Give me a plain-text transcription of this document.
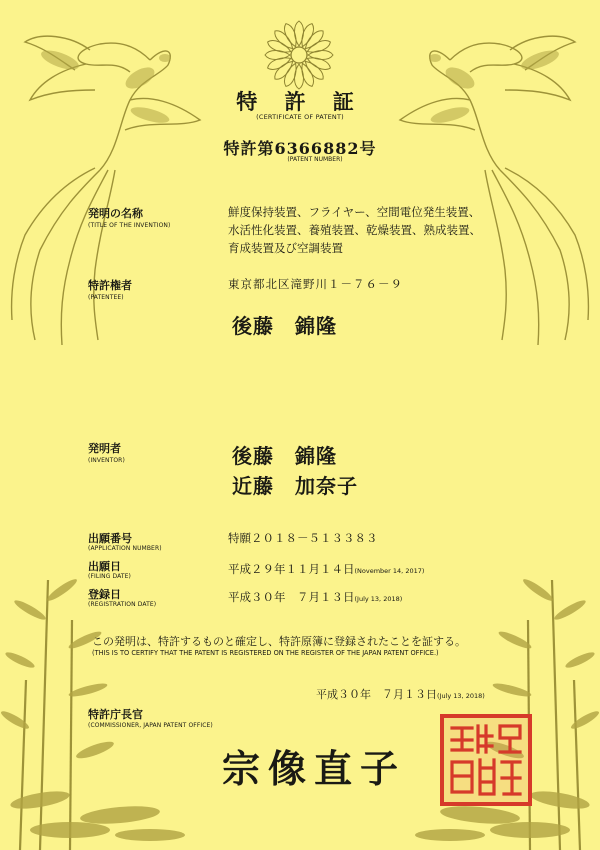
特 許 証
(CERTIFICATE OF PATENT)
特許第6366882号
(PATENT NUMBER)
発明の名称
(TITLE OF THE INVENTION)
鮮度保持装置、フライヤー、空間電位発生装置、
水活性化装置、養殖装置、乾燥装置、熟成装置、
育成装置及び空調装置
特許権者
(PATENTEE)
東京都北区滝野川１－７６－９
後藤　錦隆
発明者
(INVENTOR)	後藤　錦隆
近藤　加奈子
出願番号
(APPLICATION NUMBER)
特願２０１８－５１３３８３
出願日
(FILING DATE)
平成２９年１１月１４日(November 14, 2017)
登録日
(REGISTRATION DATE)
平成３０年　７月１３日(July 13, 2018)
この発明は、特許するものと確定し、特許原簿に登録されたことを証する。
(THIS IS TO CERTIFY THAT THE PATENT IS REGISTERED ON THE REGISTER OF THE JAPAN PATENT OFFICE.)
平成３０年　７月１３日(July 13, 2018)
特許庁長官
(COMMISSIONER, JAPAN PATENT OFFICE)
宗像直子
